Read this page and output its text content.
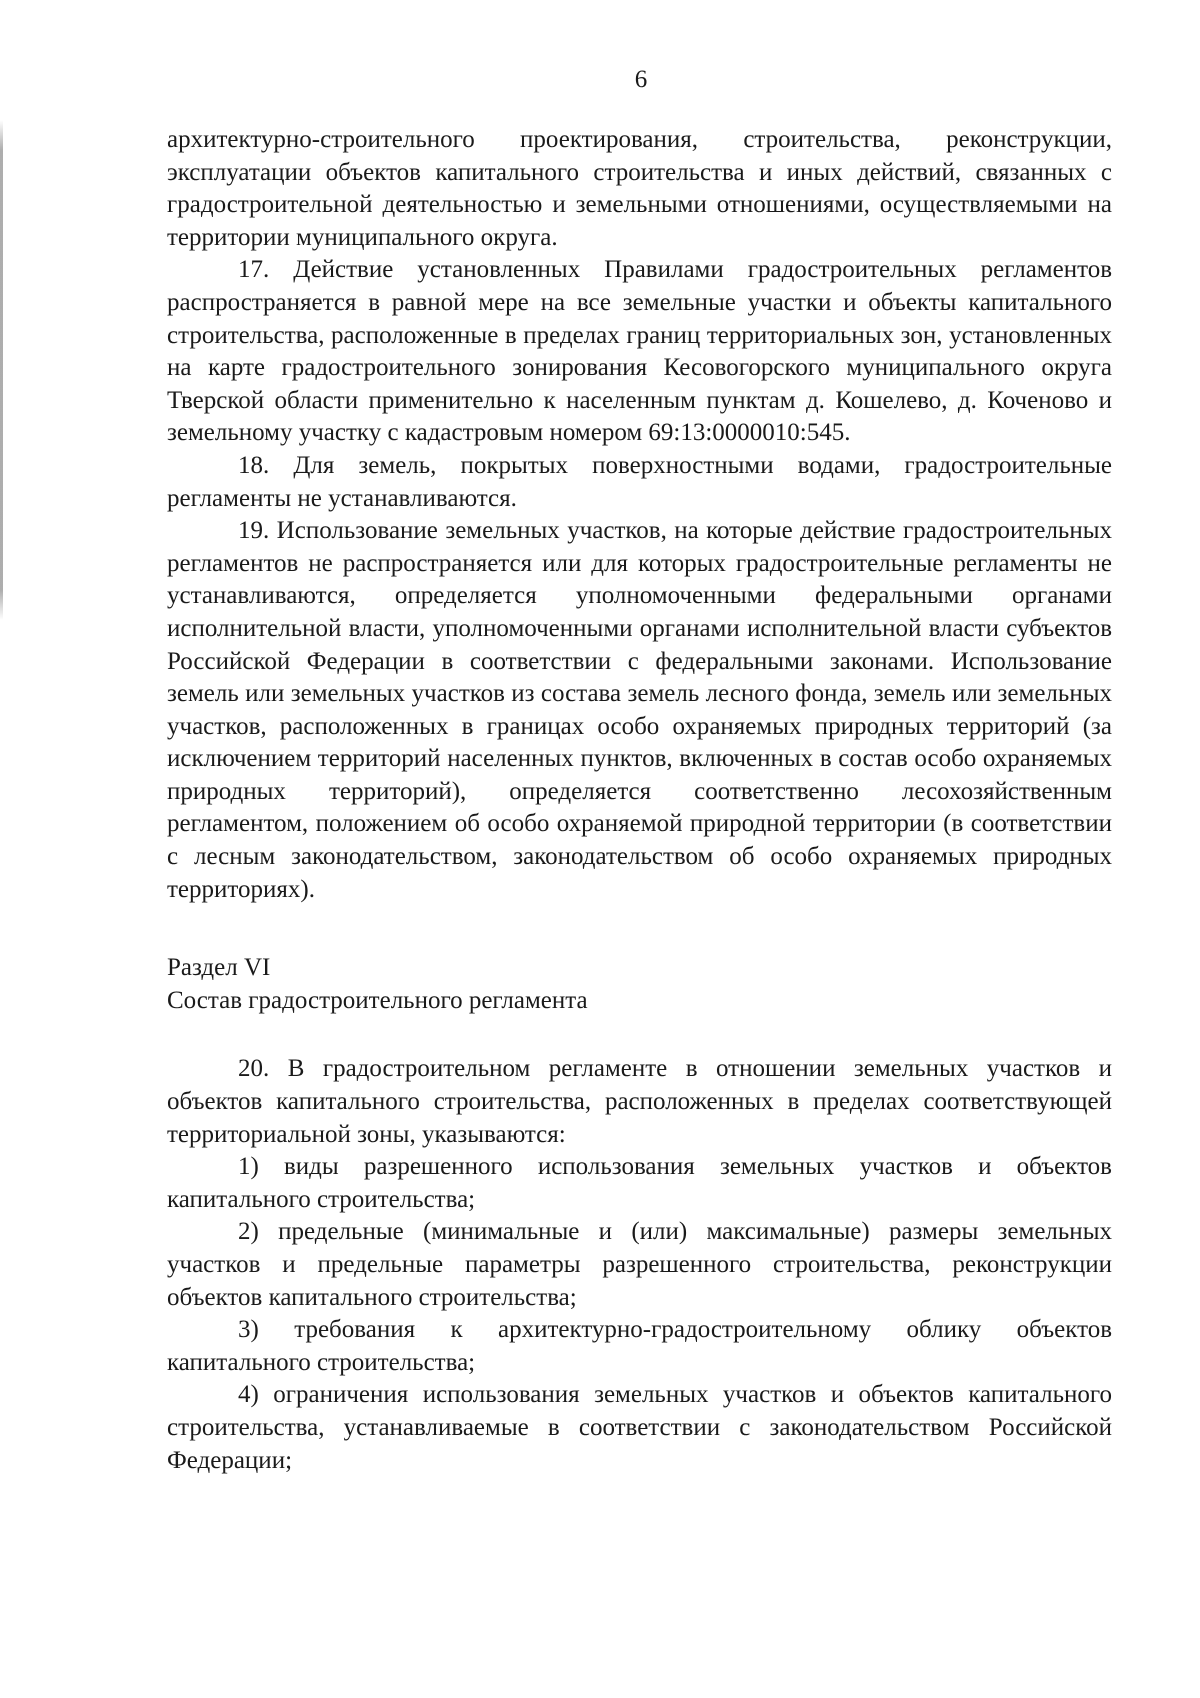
6

архитектурно-строительного проектирования, строительства, реконструкции, эксплуатации объектов капитального строительства и иных действий, связанных с градостроительной деятельностью и земельными отношениями, осуществляемыми на территории муниципального округа.

17. Действие установленных Правилами градостроительных регламентов распространяется в равной мере на все земельные участки и объекты капитального строительства, расположенные в пределах границ территориальных зон, установленных на карте градостроительного зонирования Кесовогорского муниципального округа Тверской области применительно к населенным пунктам д. Кошелево, д. Коченово и земельному участку с кадастровым номером 69:13:0000010:545.

18. Для земель, покрытых поверхностными водами, градостроительные регламенты не устанавливаются.

19. Использование земельных участков, на которые действие градостроительных регламентов не распространяется или для которых градостроительные регламенты не устанавливаются, определяется уполномоченными федеральными органами исполнительной власти, уполномоченными органами исполнительной власти субъектов Российской Федерации в соответствии с федеральными законами. Использование земель или земельных участков из состава земель лесного фонда, земель или земельных участков, расположенных в границах особо охраняемых природных территорий (за исключением территорий населенных пунктов, включенных в состав особо охраняемых природных территорий), определяется соответственно лесохозяйственным регламентом, положением об особо охраняемой природной территории (в соответствии с лесным законодательством, законодательством об особо охраняемых природных территориях).

Раздел VI

Состав градостроительного регламента

20. В градостроительном регламенте в отношении земельных участков и объектов капитального строительства, расположенных в пределах соответствующей территориальной зоны, указываются:

1) виды разрешенного использования земельных участков и объектов капитального строительства;

2) предельные (минимальные и (или) максимальные) размеры земельных участков и предельные параметры разрешенного строительства, реконструкции объектов капитального строительства;

3) требования к архитектурно-градостроительному облику объектов капитального строительства;

4) ограничения использования земельных участков и объектов капитального строительства, устанавливаемые в соответствии с законодательством Российской Федерации;
